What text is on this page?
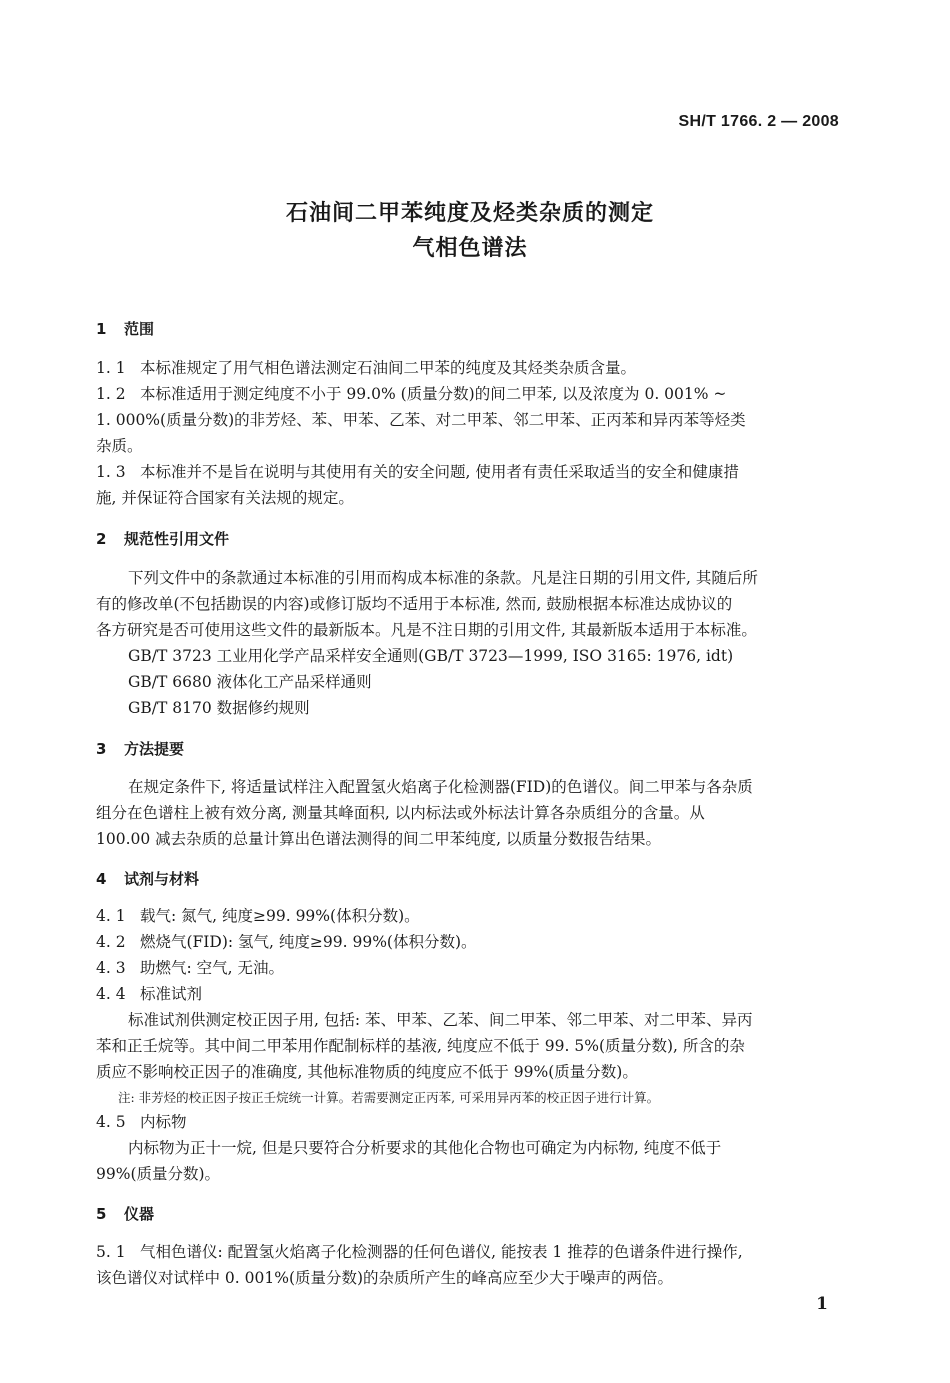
SH/T 1766. 2 — 2008
石油间二甲苯纯度及烃类杂质的测定
气相色谱法
1 范围
1. 1 本标准规定了用气相色谱法测定石油间二甲苯的纯度及其烃类杂质含量。
1. 2 本标准适用于测定纯度不小于 99.0% (质量分数)的间二甲苯, 以及浓度为 0. 001% ~
1. 000%(质量分数)的非芳烃、苯、甲苯、乙苯、对二甲苯、邻二甲苯、正丙苯和异丙苯等烃类
杂质。
1. 3 本标准并不是旨在说明与其使用有关的安全问题, 使用者有责任采取适当的安全和健康措
施, 并保证符合国家有关法规的规定。
2 规范性引用文件
下列文件中的条款通过本标准的引用而构成本标准的条款。凡是注日期的引用文件, 其随后所
有的修改单(不包括勘误的内容)或修订版均不适用于本标准, 然而, 鼓励根据本标准达成协议的
各方研究是否可使用这些文件的最新版本。凡是不注日期的引用文件, 其最新版本适用于本标准。
GB/T 3723 工业用化学产品采样安全通则(GB/T 3723—1999, ISO 3165: 1976, idt)
GB/T 6680 液体化工产品采样通则
GB/T 8170 数据修约规则
3 方法提要
在规定条件下, 将适量试样注入配置氢火焰离子化检测器(FID)的色谱仪。间二甲苯与各杂质
组分在色谱柱上被有效分离, 测量其峰面积, 以内标法或外标法计算各杂质组分的含量。从
100.00 减去杂质的总量计算出色谱法测得的间二甲苯纯度, 以质量分数报告结果。
4 试剂与材料
4. 1 载气: 氮气, 纯度≥99. 99%(体积分数)。
4. 2 燃烧气(FID): 氢气, 纯度≥99. 99%(体积分数)。
4. 3 助燃气: 空气, 无油。
4. 4 标准试剂
标准试剂供测定校正因子用, 包括: 苯、甲苯、乙苯、间二甲苯、邻二甲苯、对二甲苯、异丙
苯和正壬烷等。其中间二甲苯用作配制标样的基液, 纯度应不低于 99. 5%(质量分数), 所含的杂
质应不影响校正因子的准确度, 其他标准物质的纯度应不低于 99%(质量分数)。
注: 非芳烃的校正因子按正壬烷统一计算。若需要测定正丙苯, 可采用异丙苯的校正因子进行计算。
4. 5 内标物
内标物为正十一烷, 但是只要符合分析要求的其他化合物也可确定为内标物, 纯度不低于
99%(质量分数)。
5 仪器
5. 1 气相色谱仪: 配置氢火焰离子化检测器的任何色谱仪, 能按表 1 推荐的色谱条件进行操作,
该色谱仪对试样中 0. 001%(质量分数)的杂质所产生的峰高应至少大于噪声的两倍。
1
